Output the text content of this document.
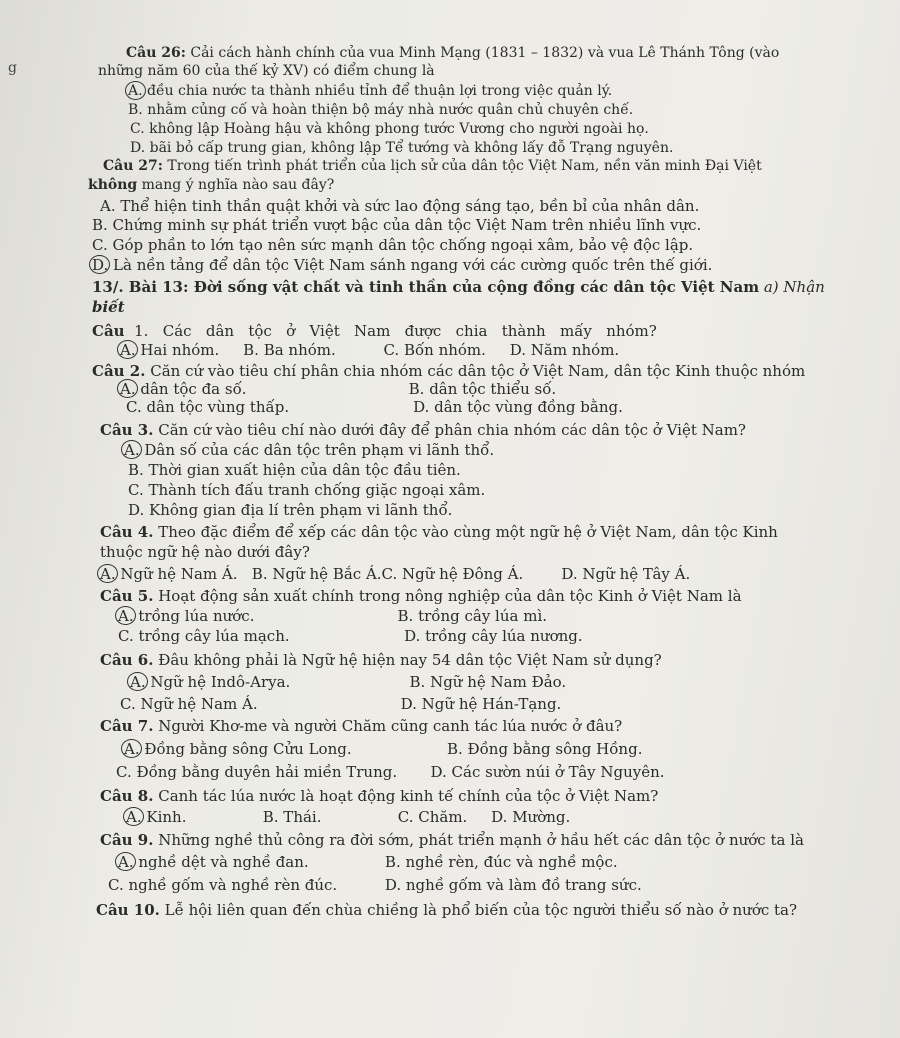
g
Câu 26: Cải cách hành chính của vua Minh Mạng (1831 – 1832) và vua Lê Thánh Tông (vào
những năm 60 của thế kỷ XV) có điểm chung là
A. đều chia nước ta thành nhiều tỉnh để thuận lợi trong việc quản lý.
B. nhằm củng cố và hoàn thiện bộ máy nhà nước quân chủ chuyên chế.
C. không lập Hoàng hậu và không phong tước Vương cho người ngoài họ.
D. bãi bỏ cấp trung gian, không lập Tể tướng và không lấy đỗ Trạng nguyên.
Câu 27: Trong tiến trình phát triển của lịch sử của dân tộc Việt Nam, nền văn minh Đại Việt
không mang ý nghĩa nào sau đây?
A. Thể hiện tinh thần quật khởi và sức lao động sáng tạo, bền bỉ của nhân dân.
B. Chứng minh sự phát triển vượt bậc của dân tộc Việt Nam trên nhiều lĩnh vực.
C. Góp phần to lớn tạo nên sức mạnh dân tộc chống ngoại xâm, bảo vệ độc lập.
D. Là nền tảng để dân tộc Việt Nam sánh ngang với các cường quốc trên thế giới.
13/. Bài 13: Đời sống vật chất và tinh thần của cộng đồng các dân tộc Việt Nam a) Nhận
biết
Câu  1.   Các   dân   tộc   ở   Việt   Nam   được   chia   thành   mấy   nhóm?
A. Hai nhóm.     B. Ba nhóm.          C. Bốn nhóm.     D. Năm nhóm.
Câu 2. Căn cứ vào tiêu chí phân chia nhóm các dân tộc ở Việt Nam, dân tộc Kinh thuộc nhóm
A. dân tộc đa số.                                  B. dân tộc thiểu số.
C. dân tộc vùng thấp.                          D. dân tộc vùng đồng bằng.
Câu 3. Căn cứ vào tiêu chí nào dưới đây để phân chia nhóm các dân tộc ở Việt Nam?
A. Dân số của các dân tộc trên phạm vi lãnh thổ.
B. Thời gian xuất hiện của dân tộc đầu tiên.
C. Thành tích đấu tranh chống giặc ngoại xâm.
D. Không gian địa lí trên phạm vi lãnh thổ.
Câu 4. Theo đặc điểm để xếp các dân tộc vào cùng một ngữ hệ ở Việt Nam, dân tộc Kinh
thuộc ngữ hệ nào dưới đây?
A. Ngữ hệ Nam Á.   B. Ngữ hệ Bắc Á.C. Ngữ hệ Đông Á.        D. Ngữ hệ Tây Á.
Câu 5. Hoạt động sản xuất chính trong nông nghiệp của dân tộc Kinh ở Việt Nam là
A. trồng lúa nước.                              B. trồng cây lúa mì.
C. trồng cây lúa mạch.                        D. trồng cây lúa nương.
Câu 6. Đâu không phải là Ngữ hệ hiện nay 54 dân tộc Việt Nam sử dụng?
A. Ngữ hệ Indô-Arya.                         B. Ngữ hệ Nam Đảo.
C. Ngữ hệ Nam Á.                              D. Ngữ hệ Hán-Tạng.
Câu 7. Người Khơ-me và người Chăm cũng canh tác lúa nước ở đâu?
A. Đồng bằng sông Cửu Long.                    B. Đồng bằng sông Hồng.
C. Đồng bằng duyên hải miền Trung.       D. Các sườn núi ở Tây Nguyên.
Câu 8. Canh tác lúa nước là hoạt động kinh tế chính của tộc ở Việt Nam?
A. Kinh.                B. Thái.                C. Chăm.     D. Mường.
Câu 9. Những nghề thủ công ra đời sớm, phát triển mạnh ở hầu hết các dân tộc ở nước ta là
A. nghề dệt và nghề đan.                B. nghề rèn, đúc và nghề mộc.
C. nghề gốm và nghề rèn đúc.          D. nghề gốm và làm đồ trang sức.
Câu 10. Lễ hội liên quan đến chùa chiềng là phổ biến của tộc người thiểu số nào ở nước ta?
